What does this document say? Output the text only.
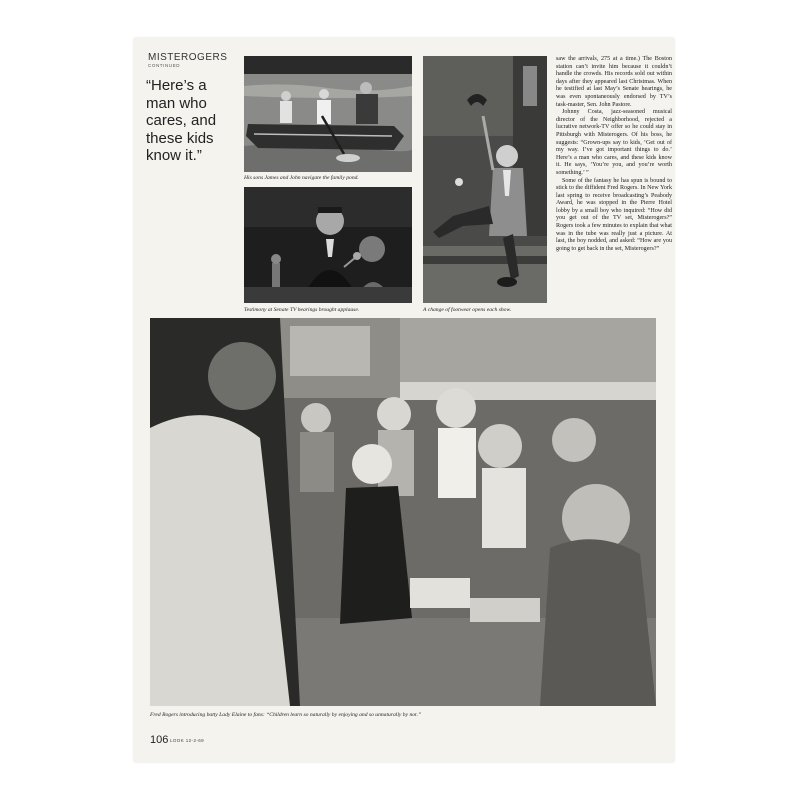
MISTEROGERS
CONTINUED
“Here’s a man who cares, and these kids know it.”
His sons James and John navigate the family pond.
Testimony at Senate TV hearings brought applause.	A change of footwear opens each show.

saw the arrivals, 275 at a time.) The Boston station can’t invite him because it couldn’t handle the crowds. His records sold out within days after they appeared last Christmas. When he testified at last May’s Senate hearings, he was even spontaneously endorsed by TV’s task-master, Sen. John Pastore.

Johnny Costa, jazz-seasoned musical director of the Neighborhood, rejected a lucrative network-TV offer so he could stay in Pittsburgh with Misterogers. Of his boss, he suggests: “Grown-ups say to kids, ‘Get out of my way. I’ve got important things to do.’ Here’s a man who cares, and these kids know it. He says, ‘You’re you, and you’re worth something.’ ”

Some of the fantasy he has spun is bound to stick to the diffident Fred Rogers. In New York last spring to receive broadcasting’s Peabody Award, he was stopped in the Pierre Hotel lobby by a small boy who inquired: “How did you get out of the TV set, Misterogers?” Rogers took a few minutes to explain that what was in the tube was really just a picture. At last, the boy nodded, and asked: “How are you going to get back in the set, Misterogers?”

Fred Rogers introducing batty Lady Elaine to fans: “Children learn so naturally by enjoying and so unnaturally by not.”
106 LOOK 12-2-69
